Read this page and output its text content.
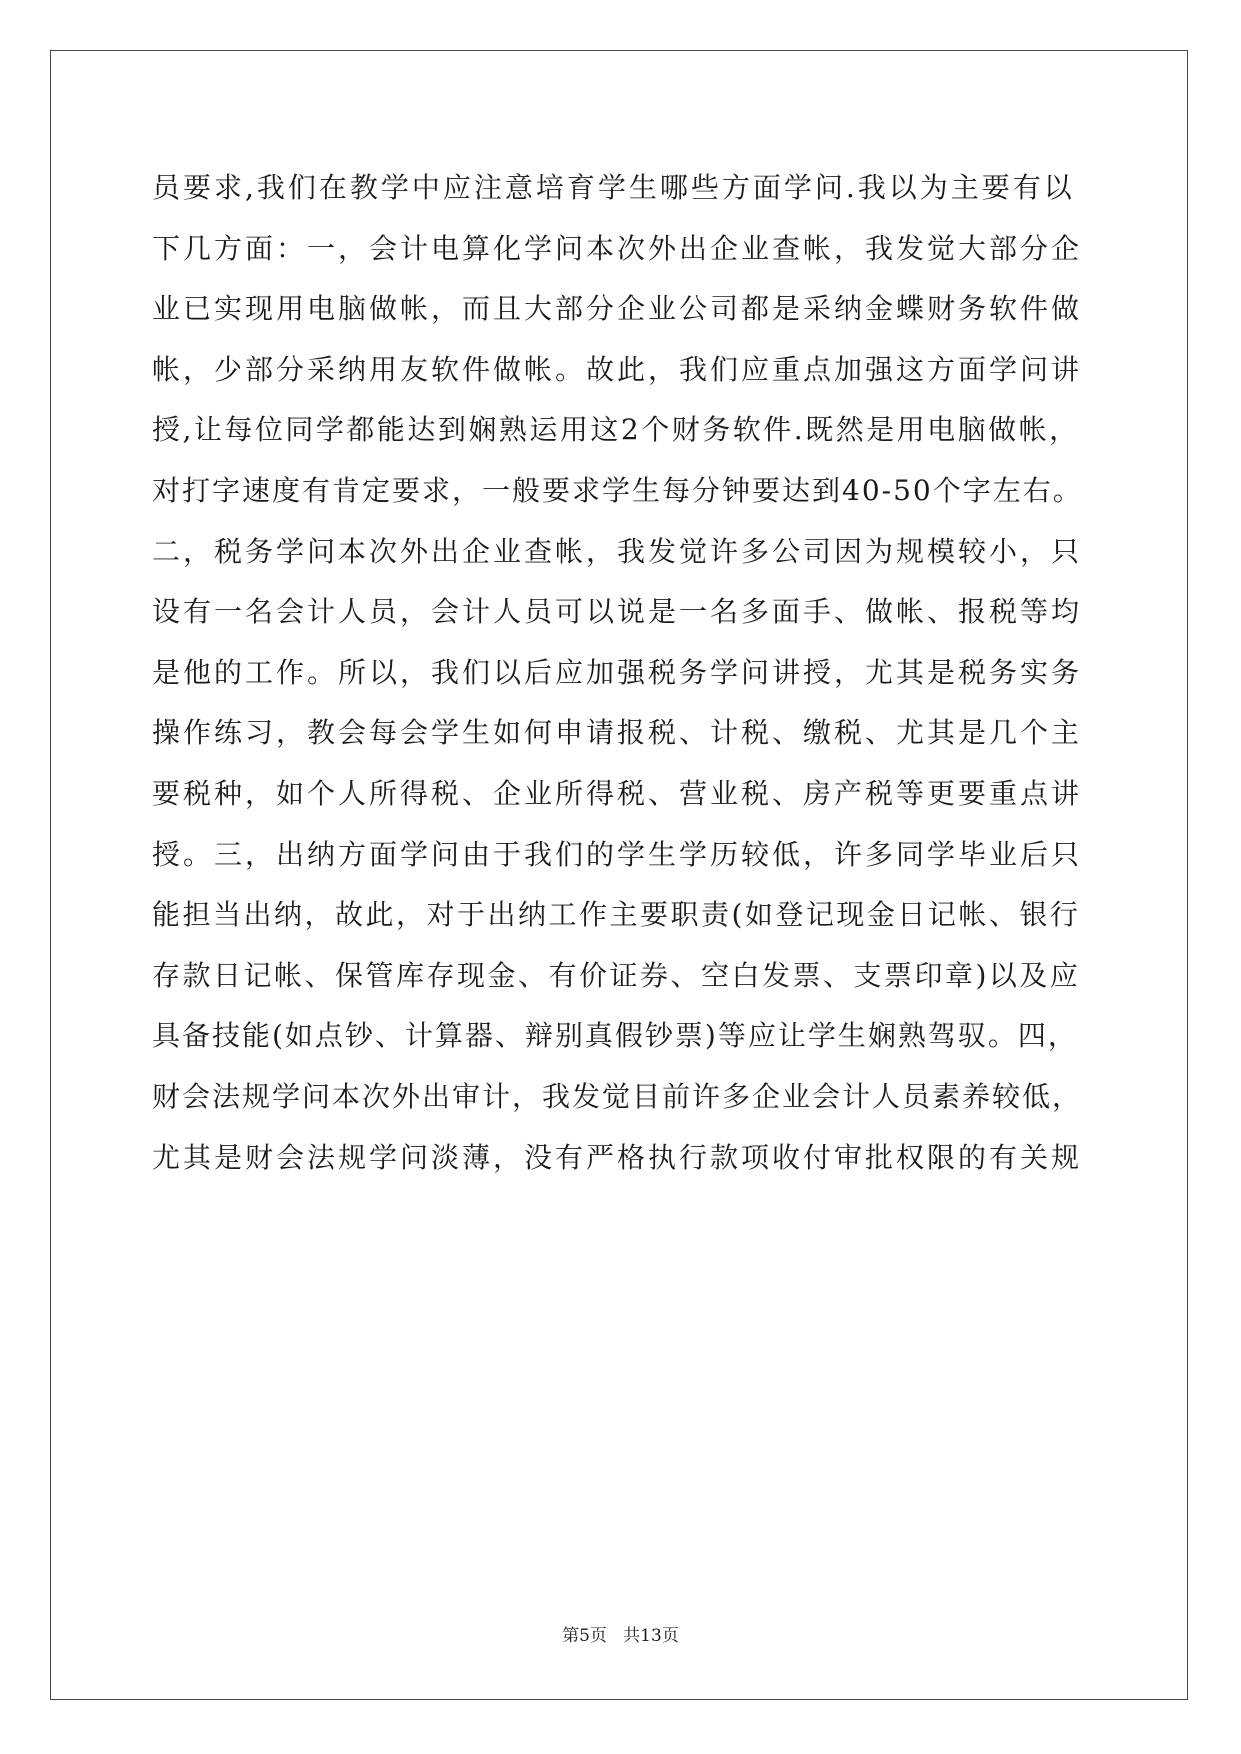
员要求,我们在教学中应注意培育学生哪些方面学问.我以为主要有以
下几方面：一，会计电算化学问本次外出企业查帐，我发觉大部分企
业已实现用电脑做帐，而且大部分企业公司都是采纳金蝶财务软件做
帐，少部分采纳用友软件做帐。故此，我们应重点加强这方面学问讲
授,让每位同学都能达到娴熟运用这2个财务软件.既然是用电脑做帐，
对打字速度有肯定要求，一般要求学生每分钟要达到40-50个字左右。
二，税务学问本次外出企业查帐，我发觉许多公司因为规模较小，只
设有一名会计人员，会计人员可以说是一名多面手、做帐、报税等均
是他的工作。所以，我们以后应加强税务学问讲授，尤其是税务实务
操作练习，教会每会学生如何申请报税、计税、缴税、尤其是几个主
要税种，如个人所得税、企业所得税、营业税、房产税等更要重点讲
授。三，出纳方面学问由于我们的学生学历较低，许多同学毕业后只
能担当出纳，故此，对于出纳工作主要职责(如登记现金日记帐、银行
存款日记帐、保管库存现金、有价证券、空白发票、支票印章)以及应
具备技能(如点钞、计算器、辩别真假钞票)等应让学生娴熟驾驭。四，
财会法规学问本次外出审计，我发觉目前许多企业会计人员素养较低，
尤其是财会法规学问淡薄，没有严格执行款项收付审批权限的有关规
第5页   共13页
